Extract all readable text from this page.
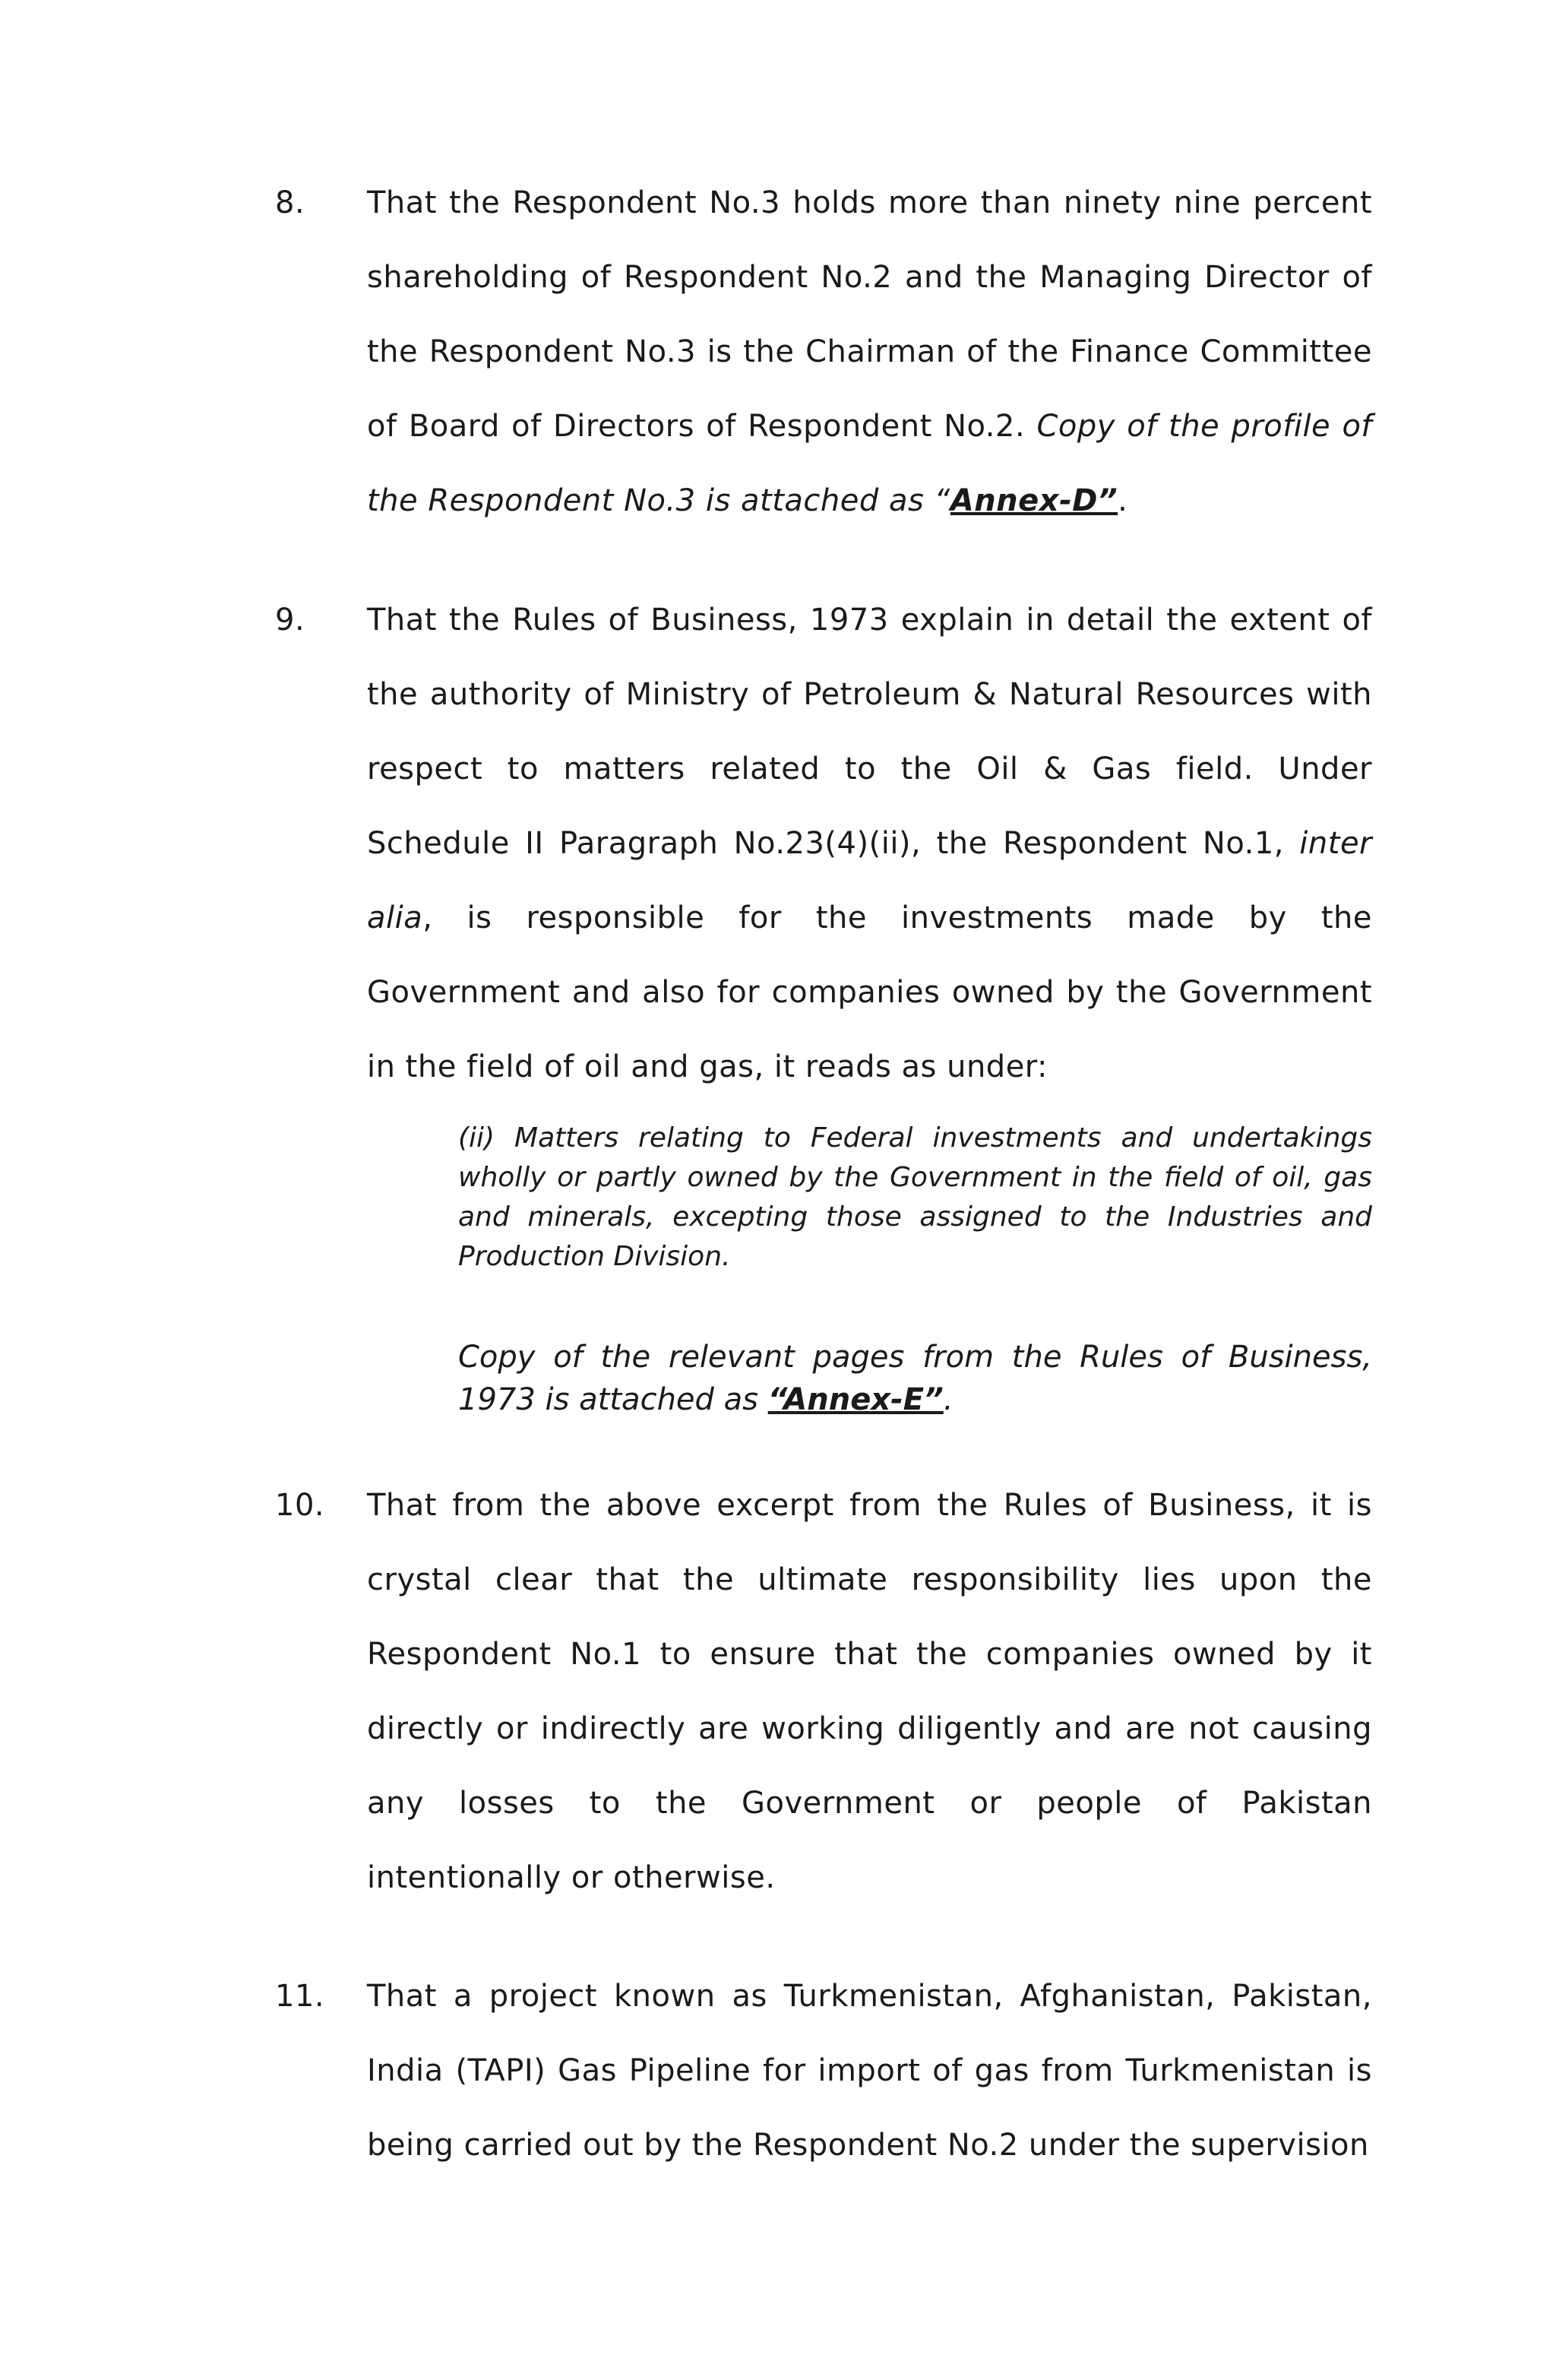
8. That the Respondent No.3 holds more than ninety nine percent shareholding of Respondent No.2 and the Managing Director of the Respondent No.3 is the Chairman of the Finance Committee of Board of Directors of Respondent No.2. Copy of the profile of the Respondent No.3 is attached as “Annex-D”.
9. That the Rules of Business, 1973 explain in detail the extent of the authority of Ministry of Petroleum & Natural Resources with respect to matters related to the Oil & Gas field. Under Schedule II Paragraph No.23(4)(ii), the Respondent No.1, inter alia, is responsible for the investments made by the Government and also for companies owned by the Government in the field of oil and gas, it reads as under:
(ii) Matters relating to Federal investments and undertakings wholly or partly owned by the Government in the field of oil, gas and minerals, excepting those assigned to the Industries and Production Division.
Copy of the relevant pages from the Rules of Business, 1973 is attached as “Annex-E”.
10. That from the above excerpt from the Rules of Business, it is crystal clear that the ultimate responsibility lies upon the Respondent No.1 to ensure that the companies owned by it directly or indirectly are working diligently and are not causing any losses to the Government or people of Pakistan intentionally or otherwise.
11. That a project known as Turkmenistan, Afghanistan, Pakistan, India (TAPI) Gas Pipeline for import of gas from Turkmenistan is being carried out by the Respondent No.2 under the supervision
